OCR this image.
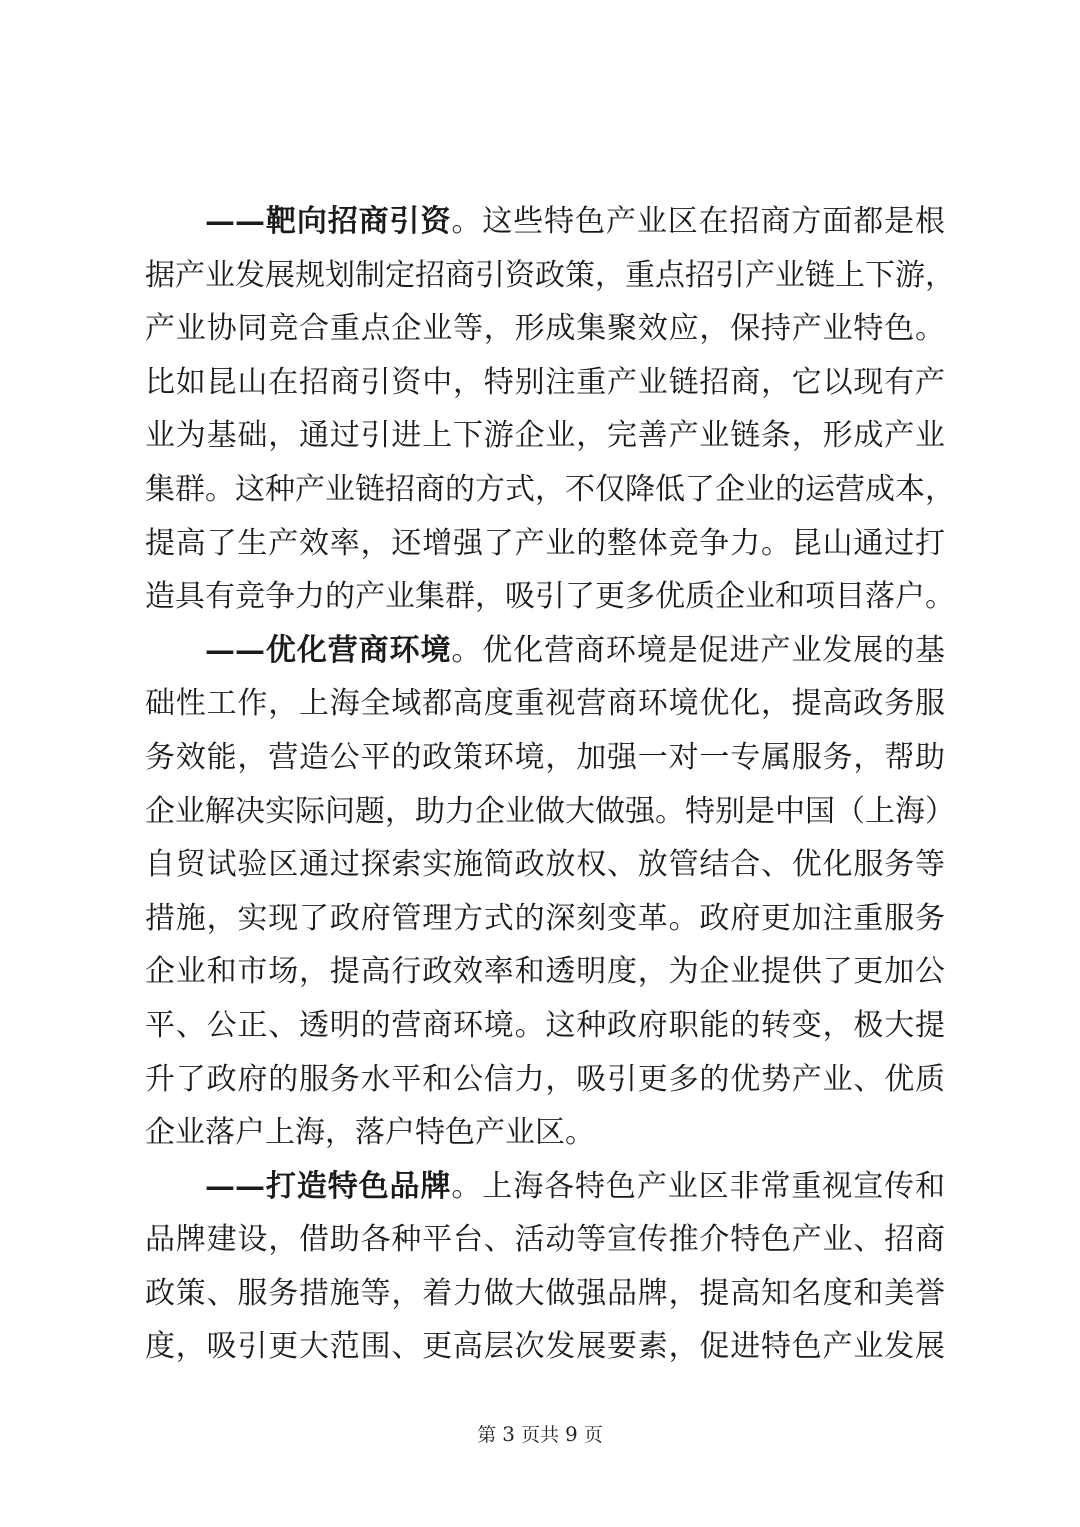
——靶向招商引资。这些特色产业区在招商方面都是根
据产业发展规划制定招商引资政策，重点招引产业链上下游，
产业协同竞合重点企业等，形成集聚效应，保持产业特色。
比如昆山在招商引资中，特别注重产业链招商，它以现有产
业为基础，通过引进上下游企业，完善产业链条，形成产业
集群。这种产业链招商的方式，不仅降低了企业的运营成本，
提高了生产效率，还增强了产业的整体竞争力。昆山通过打
造具有竞争力的产业集群，吸引了更多优质企业和项目落户。
——优化营商环境。优化营商环境是促进产业发展的基
础性工作，上海全域都高度重视营商环境优化，提高政务服
务效能，营造公平的政策环境，加强一对一专属服务，帮助
企业解决实际问题，助力企业做大做强。特别是中国（上海）
自贸试验区通过探索实施简政放权、放管结合、优化服务等
措施，实现了政府管理方式的深刻变革。政府更加注重服务
企业和市场，提高行政效率和透明度，为企业提供了更加公
平、公正、透明的营商环境。这种政府职能的转变，极大提
升了政府的服务水平和公信力，吸引更多的优势产业、优质
企业落户上海，落户特色产业区。
——打造特色品牌。上海各特色产业区非常重视宣传和
品牌建设，借助各种平台、活动等宣传推介特色产业、招商
政策、服务措施等，着力做大做强品牌，提高知名度和美誉
度，吸引更大范围、更高层次发展要素，促进特色产业发展
第 3 页共 9 页
